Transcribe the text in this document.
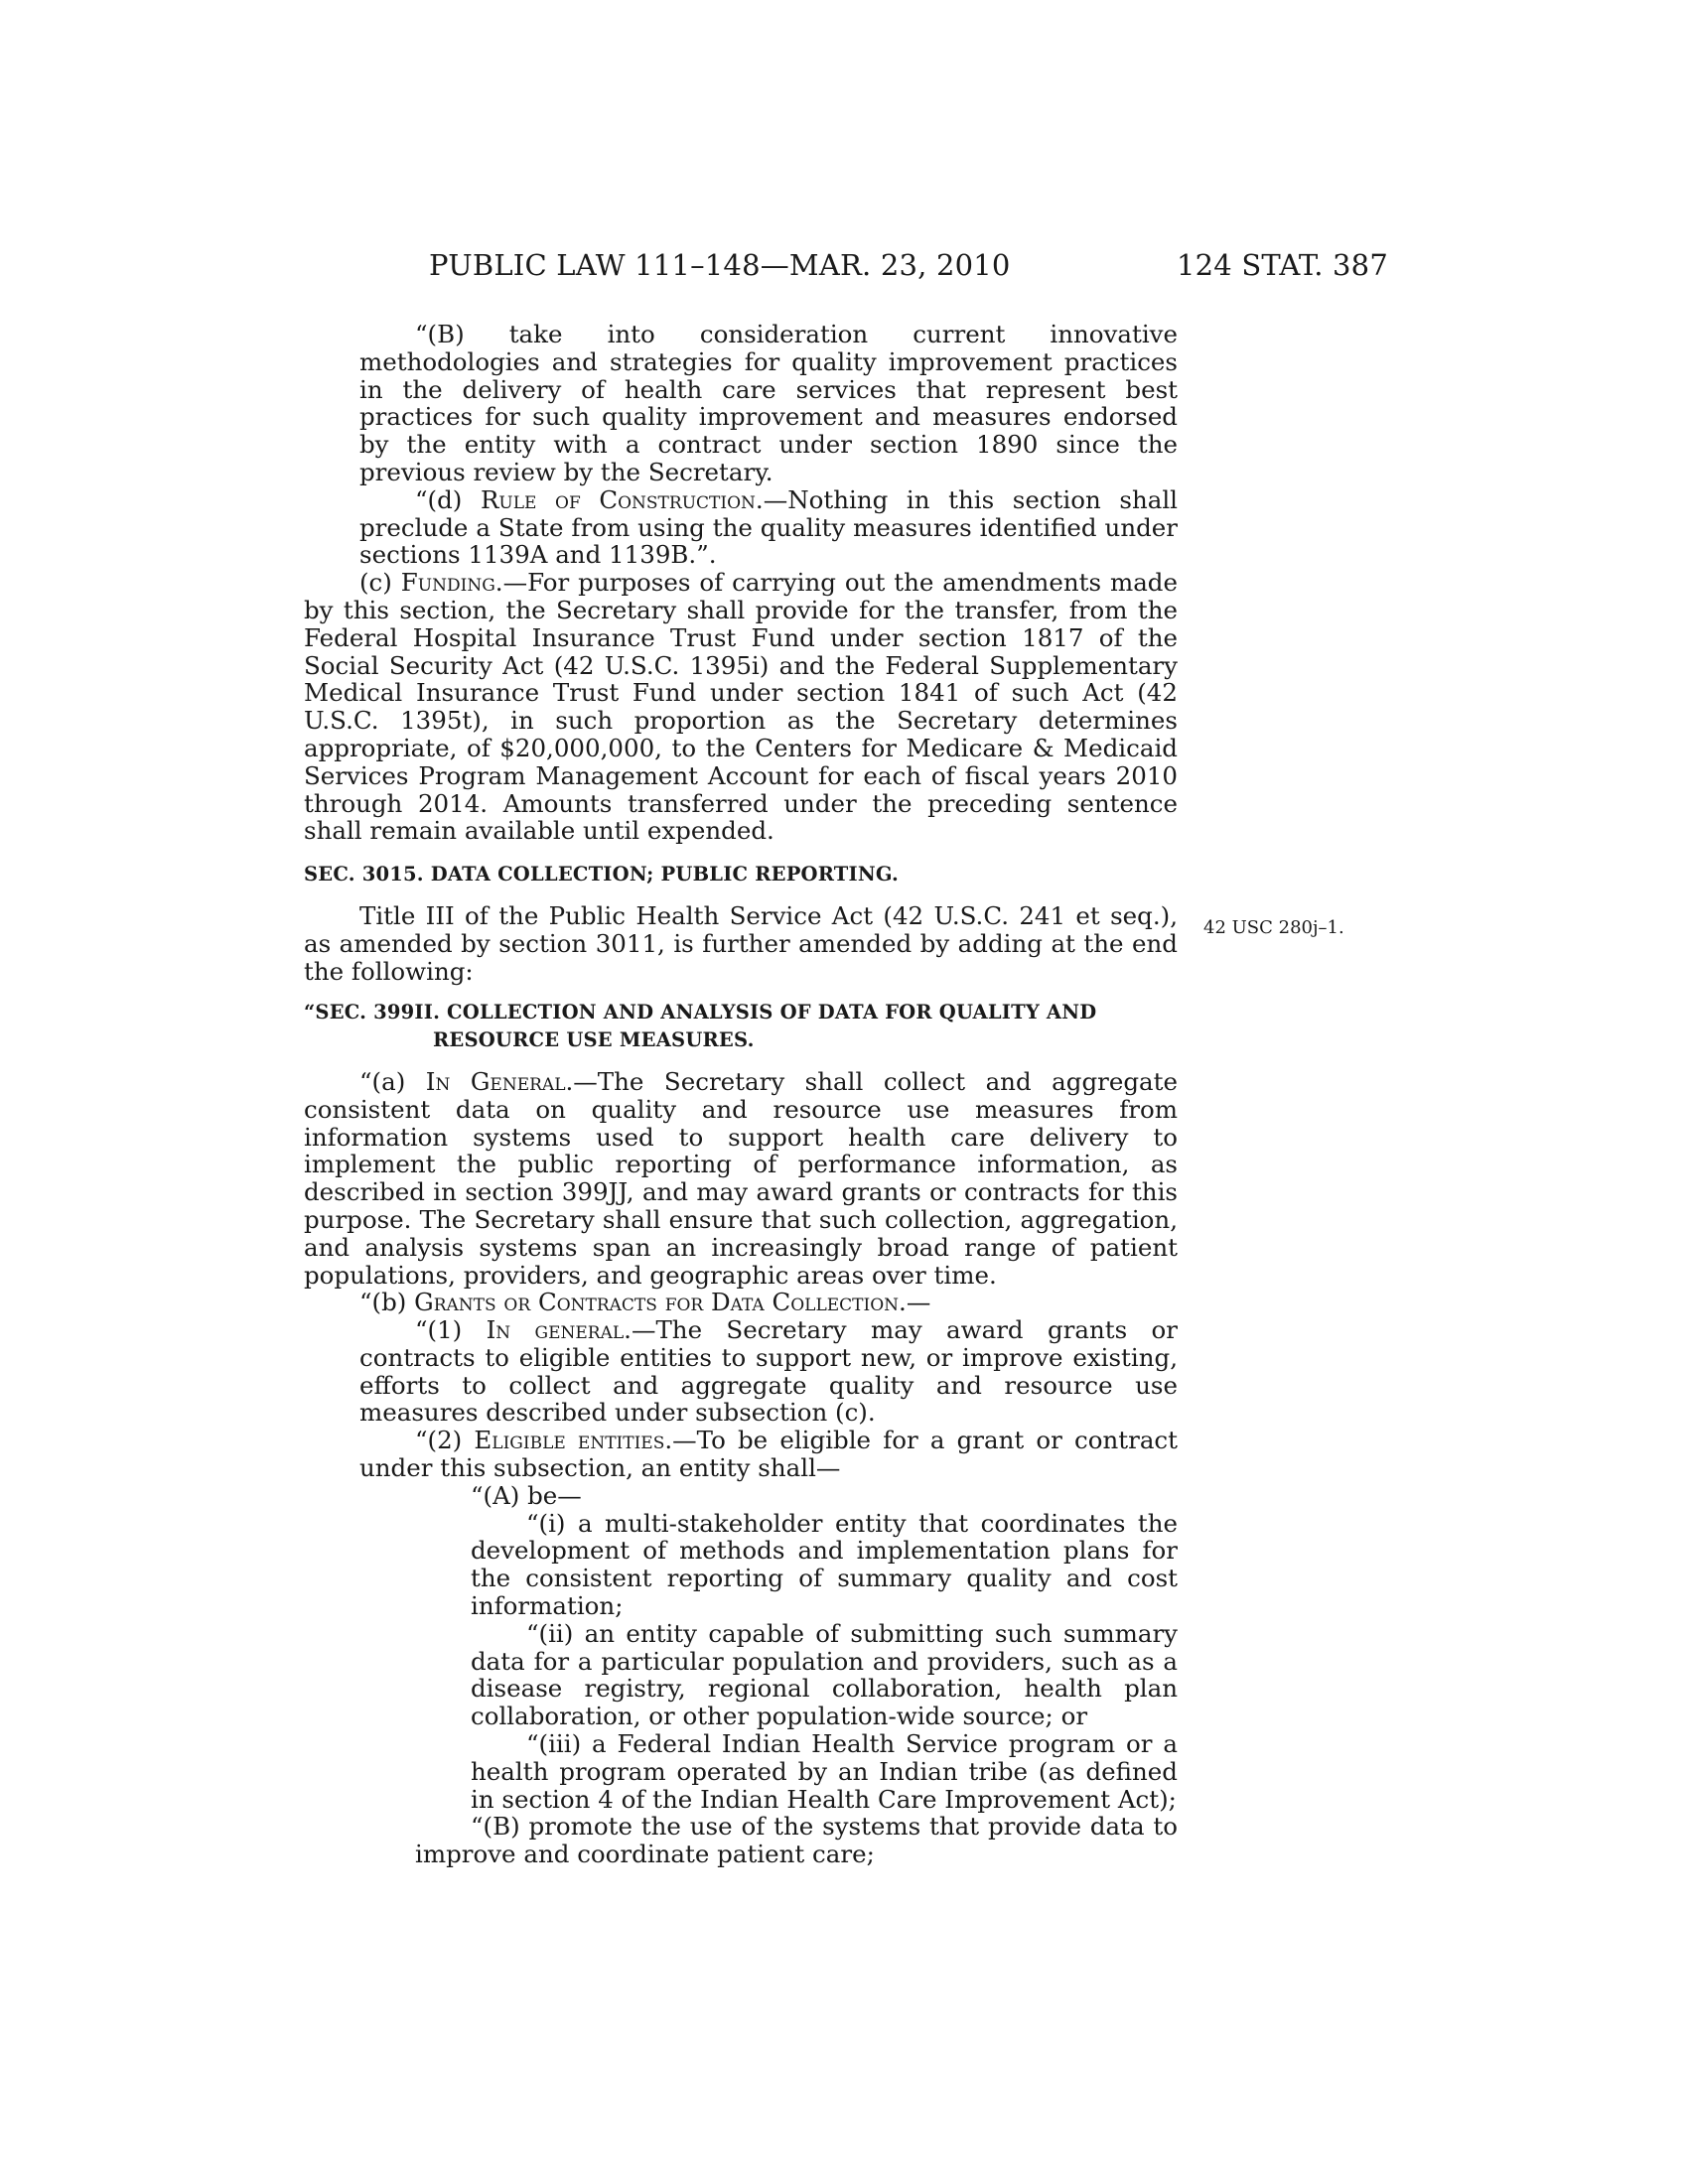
PUBLIC LAW 111–148—MAR. 23, 2010	124 STAT. 387
42 USC 280j–1.

“(B) take into consideration current innovative methodologies and strategies for quality improvement practices in the delivery of health care services that represent best practices for such quality improvement and measures endorsed by the entity with a contract under section 1890 since the previous review by the Secretary.

“(d) Rule of Construction.—Nothing in this section shall preclude a State from using the quality measures identified under sections 1139A and 1139B.”.

(c) Funding.—For purposes of carrying out the amendments made by this section, the Secretary shall provide for the transfer, from the Federal Hospital Insurance Trust Fund under section 1817 of the Social Security Act (42 U.S.C. 1395i) and the Federal Supplementary Medical Insurance Trust Fund under section 1841 of such Act (42 U.S.C. 1395t), in such proportion as the Secretary determines appropriate, of $20,000,000, to the Centers for Medicare & Medicaid Services Program Management Account for each of fiscal years 2010 through 2014. Amounts transferred under the preceding sentence shall remain available until expended.

SEC. 3015. DATA COLLECTION; PUBLIC REPORTING.

Title III of the Public Health Service Act (42 U.S.C. 241 et seq.), as amended by section 3011, is further amended by adding at the end the following:

“SEC. 399II. COLLECTION AND ANALYSIS OF DATA FOR QUALITY AND RESOURCE USE MEASURES.

“(a) In General.—The Secretary shall collect and aggregate consistent data on quality and resource use measures from information systems used to support health care delivery to implement the public reporting of performance information, as described in section 399JJ, and may award grants or contracts for this purpose. The Secretary shall ensure that such collection, aggregation, and analysis systems span an increasingly broad range of patient populations, providers, and geographic areas over time.

“(b) Grants or Contracts for Data Collection.—

“(1) In general.—The Secretary may award grants or contracts to eligible entities to support new, or improve existing, efforts to collect and aggregate quality and resource use measures described under subsection (c).

“(2) Eligible entities.—To be eligible for a grant or contract under this subsection, an entity shall—

“(A) be—

“(i) a multi-stakeholder entity that coordinates the development of methods and implementation plans for the consistent reporting of summary quality and cost information;

“(ii) an entity capable of submitting such summary data for a particular population and providers, such as a disease registry, regional collaboration, health plan collaboration, or other population-wide source; or

“(iii) a Federal Indian Health Service program or a health program operated by an Indian tribe (as defined in section 4 of the Indian Health Care Improvement Act);

“(B) promote the use of the systems that provide data to improve and coordinate patient care;
